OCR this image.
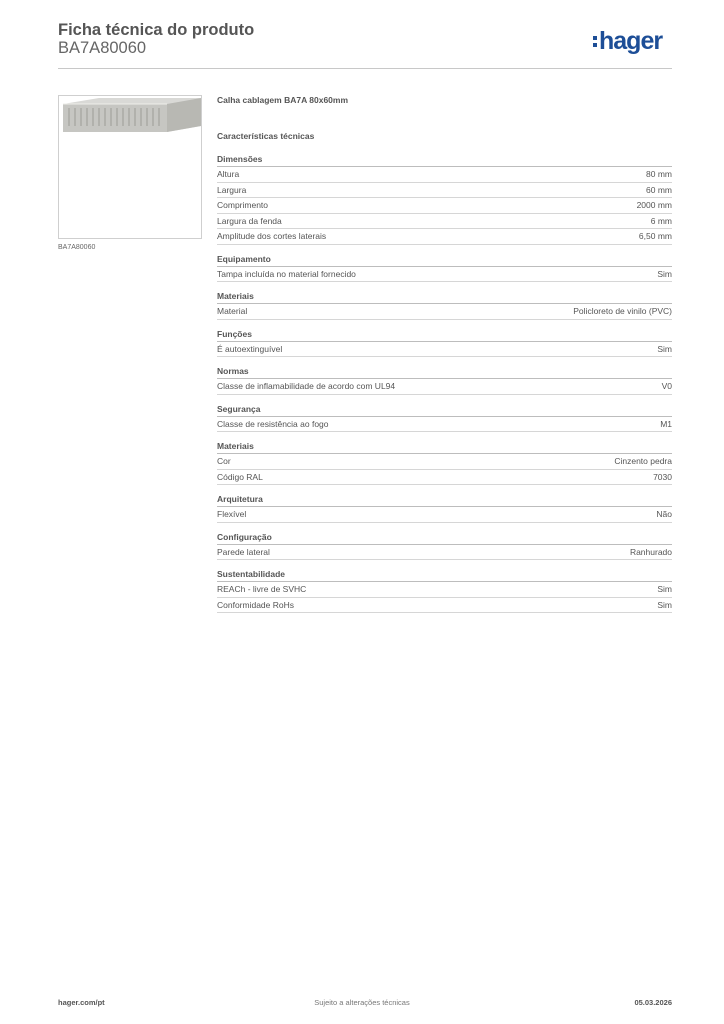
Ficha técnica do produto
BA7A80060	hager
BA7A80060
Calha cablagem BA7A 80x60mm
Características técnicas
Dimensões
Altura	80 mm
Largura	60 mm
Comprimento	2000 mm
Largura da fenda	6 mm
Amplitude dos cortes laterais	6,50 mm
Equipamento
Tampa incluída no material fornecido	Sim
Materiais
Material	Policloreto de vinilo (PVC)
Funções
É autoextinguível	Sim
Normas
Classe de inflamabilidade de acordo com UL94	V0
Segurança
Classe de resistência ao fogo	M1
Materiais
Cor	Cinzento pedra
Código RAL	7030
Arquitetura
Flexível	Não
Configuração
Parede lateral	Ranhurado
Sustentabilidade
REACh - livre de SVHC	Sim
Conformidade RoHs	Sim
hager.com/pt	Sujeito a alterações técnicas	05.03.2026
